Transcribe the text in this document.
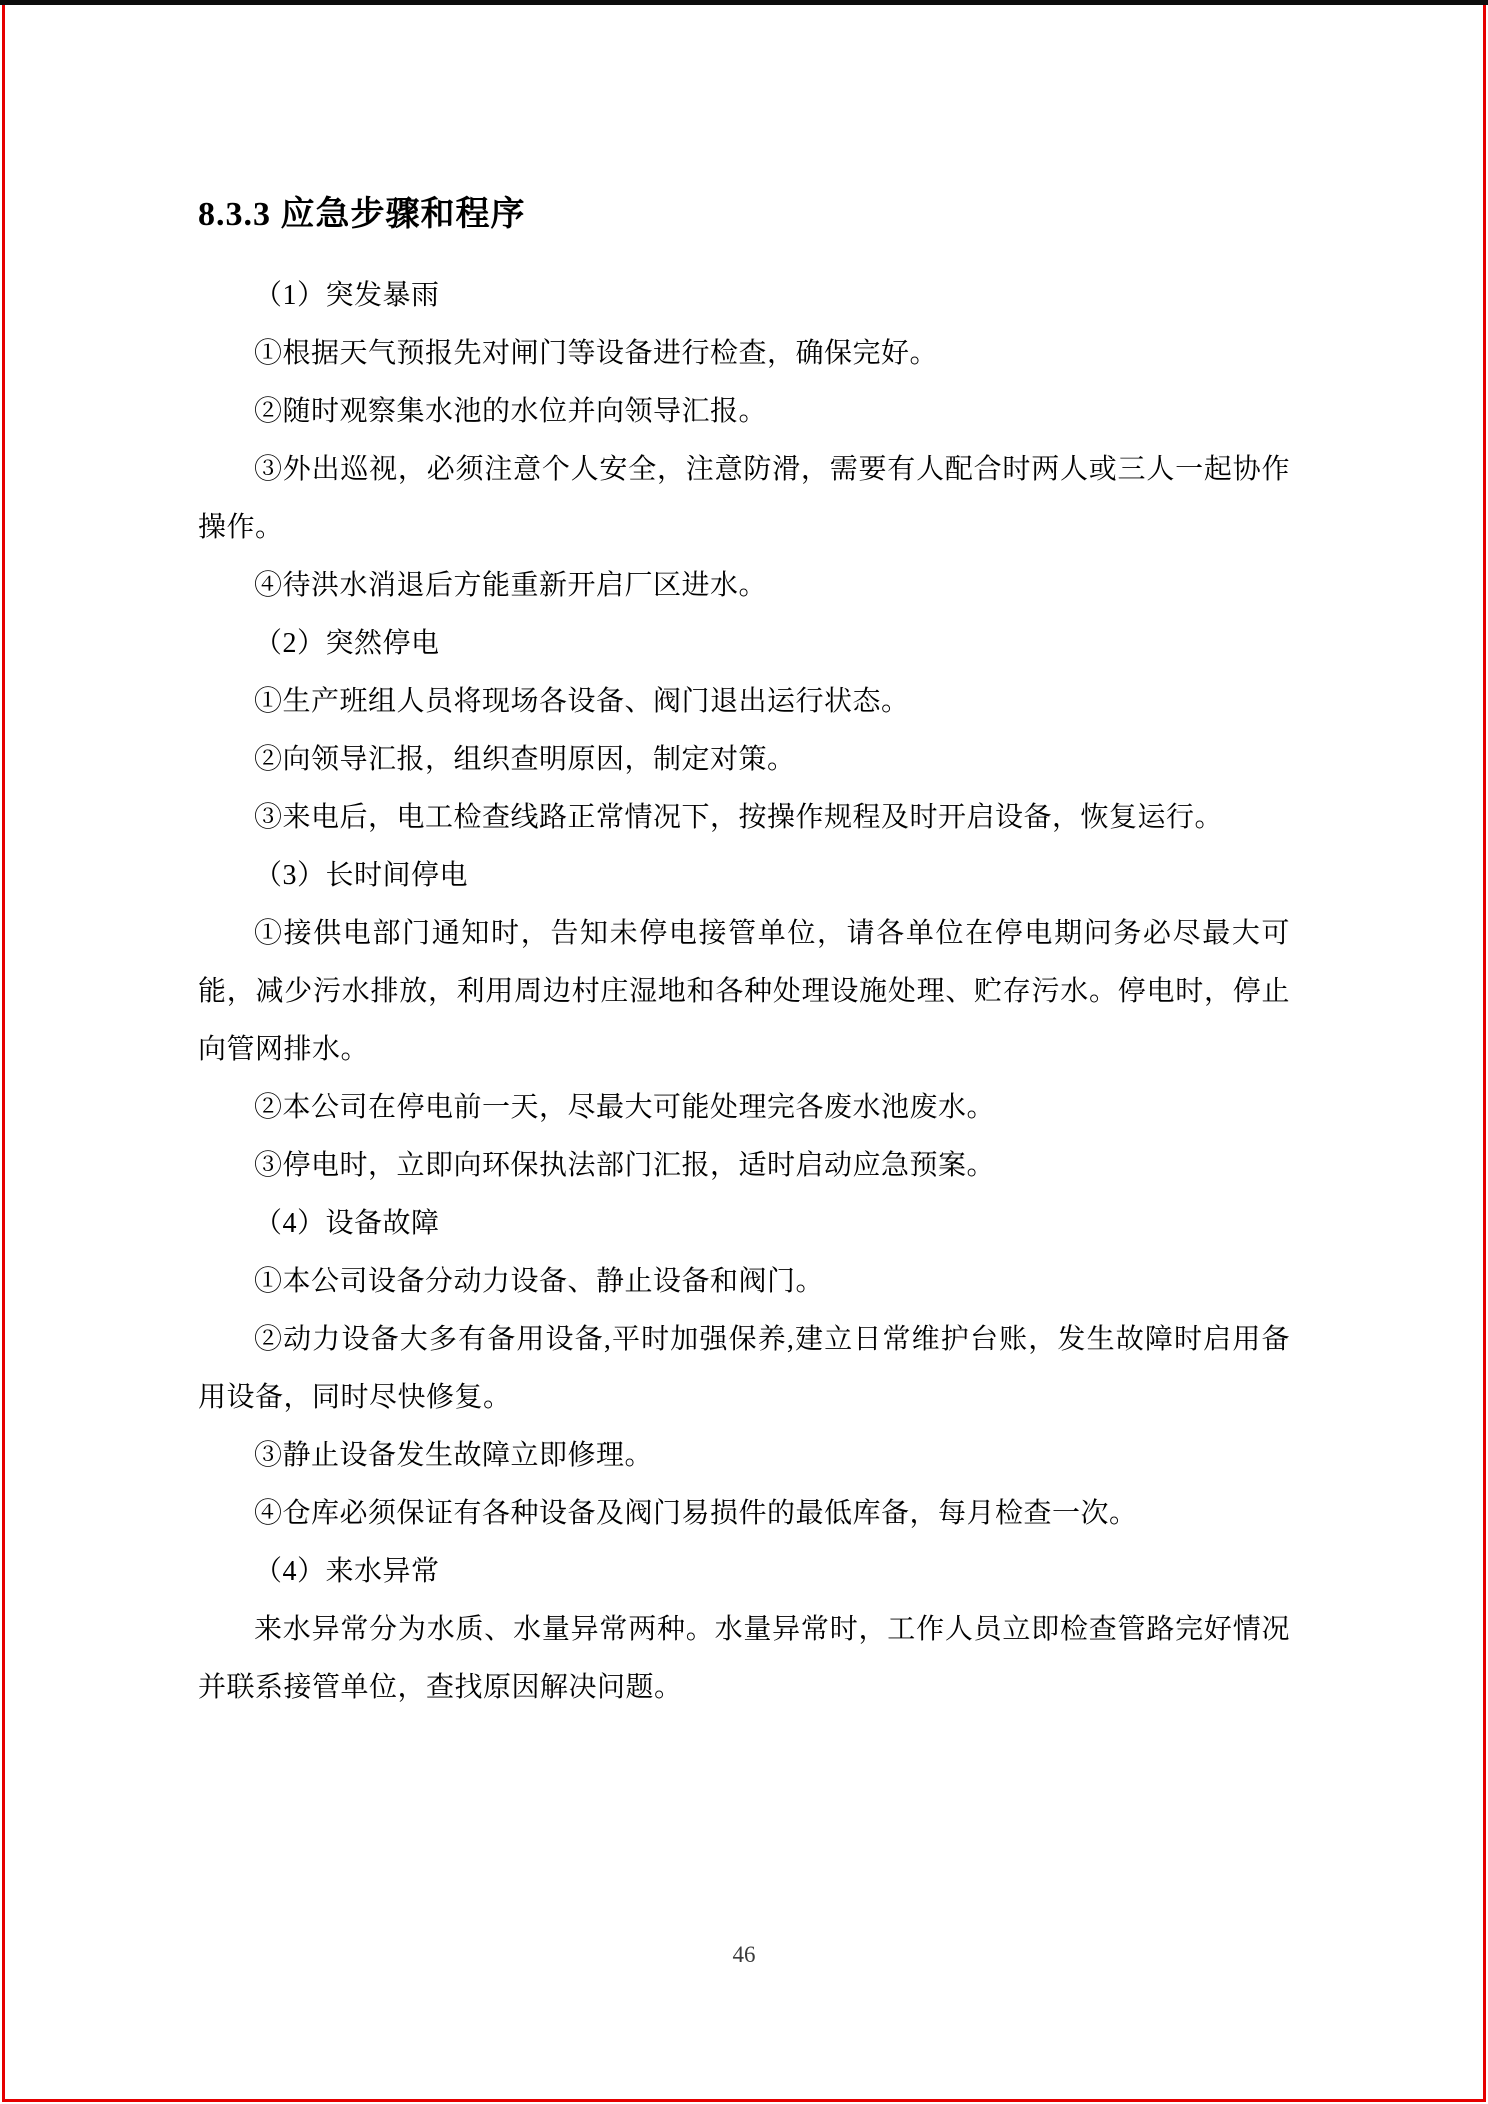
8.3.3 应急步骤和程序

（1）突发暴雨

①根据天气预报先对闸门等设备进行检查，确保完好。

②随时观察集水池的水位并向领导汇报。

③外出巡视，必须注意个人安全，注意防滑，需要有人配合时两人或三人一起协作操作。

④待洪水消退后方能重新开启厂区进水。

（2）突然停电

①生产班组人员将现场各设备、阀门退出运行状态。

②向领导汇报，组织查明原因，制定对策。

③来电后，电工检查线路正常情况下，按操作规程及时开启设备，恢复运行。

（3）长时间停电

①接供电部门通知时，告知未停电接管单位，请各单位在停电期问务必尽最大可能，减少污水排放，利用周边村庄湿地和各种处理设施处理、贮存污水。停电时，停止向管网排水。

②本公司在停电前一天，尽最大可能处理完各废水池废水。

③停电时，立即向环保执法部门汇报，适时启动应急预案。

（4）设备故障

①本公司设备分动力设备、静止设备和阀门。

②动力设备大多有备用设备,平时加强保养,建立日常维护台账，发生故障时启用备用设备，同时尽快修复。

③静止设备发生故障立即修理。

④仓库必须保证有各种设备及阀门易损件的最低库备，每月检查一次。

（4）来水异常

来水异常分为水质、水量异常两种。水量异常时，工作人员立即检查管路完好情况并联系接管单位，查找原因解决问题。

46
